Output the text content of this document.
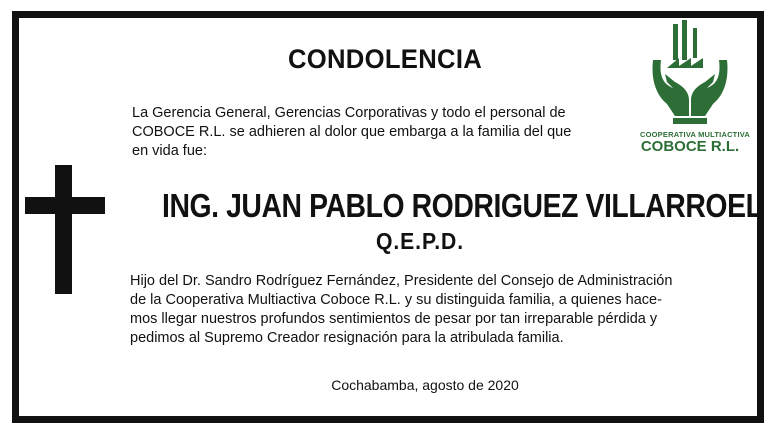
CONDOLENCIA

La Gerencia General, Gerencias Corporativas y todo el personal de

COBOCE R.L. se adhieren al dolor que embarga a la familia del que

en vida fue:

ING. JUAN PABLO RODRIGUEZ VILLARROEL
Q.E.P.D.

Hijo del Dr. Sandro Rodríguez Fernández, Presidente del Consejo de Administración

de la Cooperativa Multiactiva Coboce R.L. y su distinguida familia, a quienes hace-

mos llegar nuestros profundos sentimientos de pesar por tan irreparable pérdida y

pedimos al Supremo Creador resignación para la atribulada familia.

Cochabamba, agosto de 2020
COOPERATIVA MULTIACTIVA
COBOCE R.L.
